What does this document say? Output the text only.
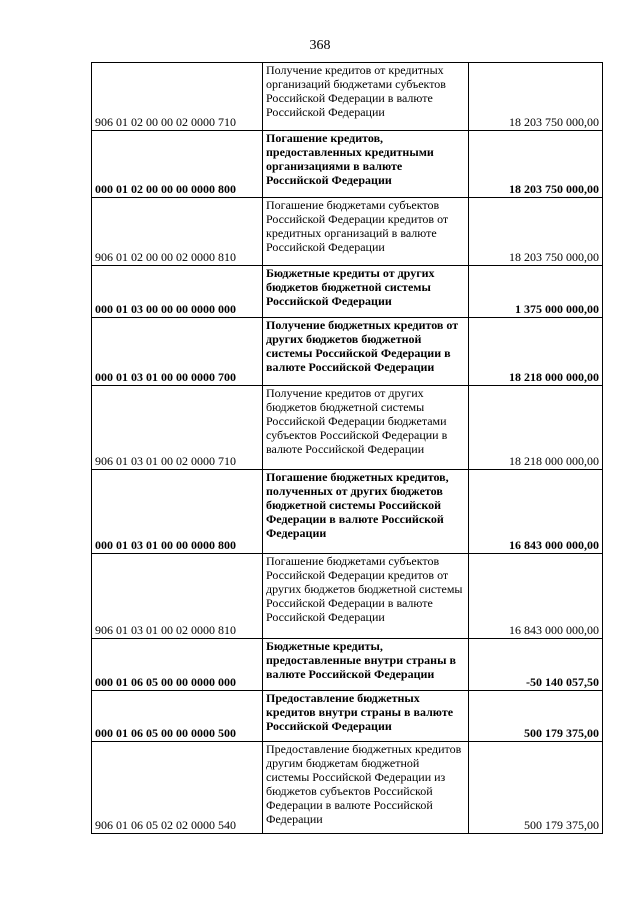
368
906 01 02 00 00 02 0000 710	Получение кредитов от кредитных организаций бюджетами субъектов Российской Федерации в валюте Российской Федерации	18 203 750 000,00
000 01 02 00 00 00 0000 800	Погашение кредитов, предоставленных кредитными организациями в валюте Российской Федерации	18 203 750 000,00
906 01 02 00 00 02 0000 810	Погашение бюджетами субъектов Российской Федерации кредитов от кредитных организаций в валюте Российской Федерации	18 203 750 000,00
000 01 03 00 00 00 0000 000	Бюджетные кредиты от других бюджетов бюджетной системы Российской Федерации	1 375 000 000,00
000 01 03 01 00 00 0000 700	Получение бюджетных кредитов от других бюджетов бюджетной системы Российской Федерации в валюте Российской Федерации	18 218 000 000,00
906 01 03 01 00 02 0000 710	Получение кредитов от других бюджетов бюджетной системы Российской Федерации бюджетами субъектов Российской Федерации в валюте Российской Федерации	18 218 000 000,00
000 01 03 01 00 00 0000 800	Погашение бюджетных кредитов, полученных от других бюджетов бюджетной системы Российской Федерации в валюте Российской Федерации	16 843 000 000,00
906 01 03 01 00 02 0000 810	Погашение бюджетами субъектов Российской Федерации кредитов от других бюджетов бюджетной системы Российской Федерации в валюте Российской Федерации	16 843 000 000,00
000 01 06 05 00 00 0000 000	Бюджетные кредиты, предоставленные внутри страны в валюте Российской Федерации	-50 140 057,50
000 01 06 05 00 00 0000 500	Предоставление бюджетных кредитов внутри страны в валюте Российской Федерации	500 179 375,00
906 01 06 05 02 02 0000 540	Предоставление бюджетных кредитов другим бюджетам бюджетной системы Российской Федерации из бюджетов субъектов Российской Федерации в валюте Российской Федерации	500 179 375,00
